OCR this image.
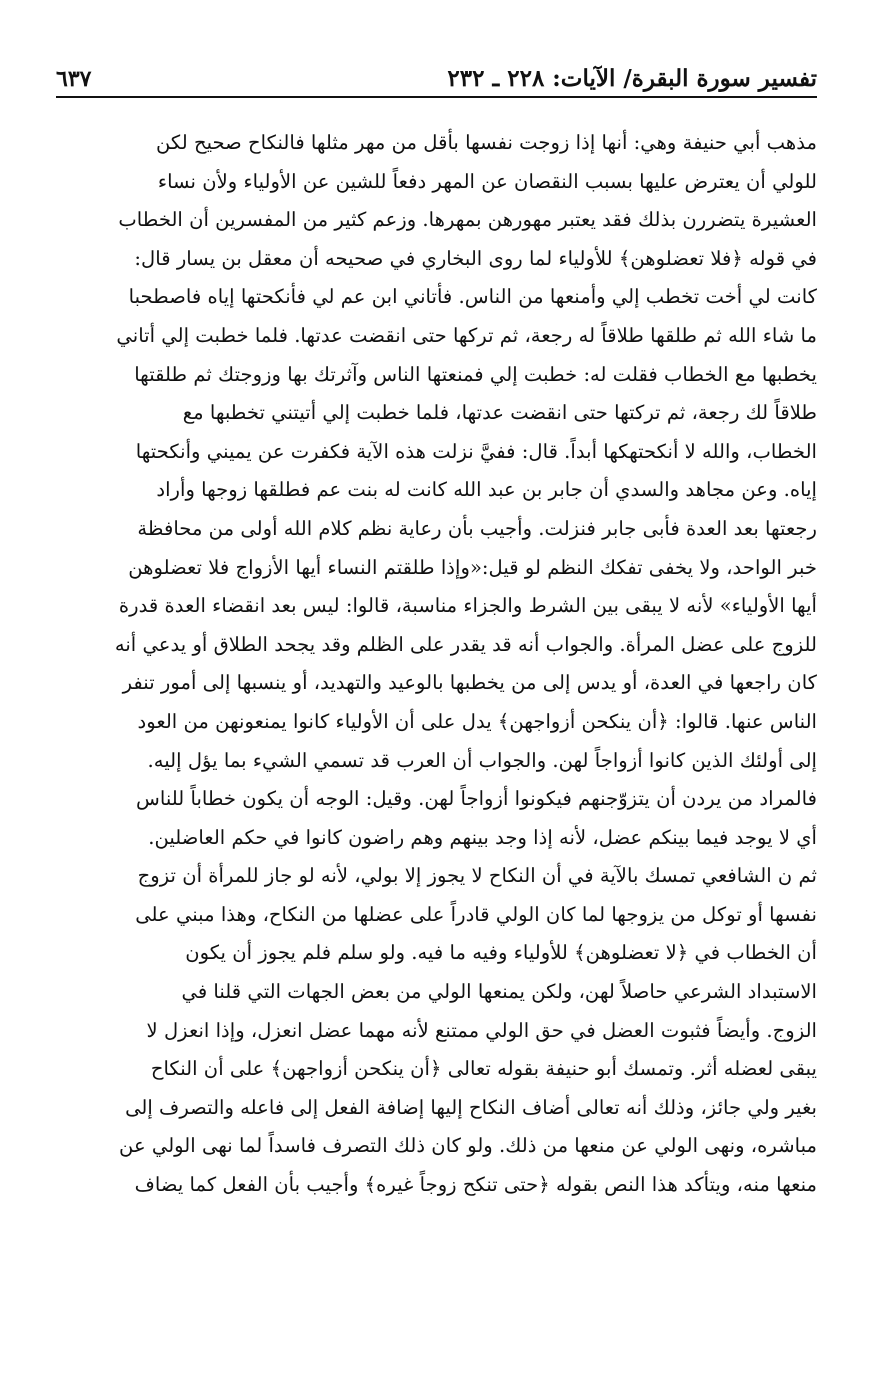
٦٣٧	تفسير سورة البقرة/ الآيات: ٢٢٨ ـ ٢٣٢
مذهب أبي حنيفة وهي: أنها إذا زوجت نفسها بأقل من مهر مثلها فالنكاح صحيح لكن
للولي أن يعترض عليها بسبب النقصان عن المهر دفعاً للشين عن الأولياء ولأن نساء
العشيرة يتضررن بذلك فقد يعتبر مهورهن بمهرها. وزعم كثير من المفسرين أن الخطاب
في قوله ﴿فلا تعضلوهن﴾ للأولياء لما روى البخاري في صحيحه أن معقل بن يسار قال:
كانت لي أخت تخطب إلي وأمنعها من الناس. فأتاني ابن عم لي فأنكحتها إياه فاصطحبا
ما شاء الله ثم طلقها طلاقاً له رجعة، ثم تركها حتى انقضت عدتها. فلما خطبت إلي أتاني
يخطبها مع الخطاب فقلت له: خطبت إلي فمنعتها الناس وآثرتك بها وزوجتك ثم طلقتها
طلاقاً لك رجعة، ثم تركتها حتى انقضت عدتها، فلما خطبت إلي أتيتني تخطبها مع
الخطاب، والله لا أنكحتهكها أبداً. قال: ففيَّ نزلت هذه الآية فكفرت عن يميني وأنكحتها
إياه. وعن مجاهد والسدي أن جابر بن عبد الله كانت له بنت عم فطلقها زوجها وأراد
رجعتها بعد العدة فأبى جابر فنزلت. وأجيب بأن رعاية نظم كلام الله أولى من محافظة
خبر الواحد، ولا يخفى تفكك النظم لو قيل:«وإذا طلقتم النساء أيها الأزواج فلا تعضلوهن
أيها الأولياء» لأنه لا يبقى بين الشرط والجزاء مناسبة، قالوا: ليس بعد انقضاء العدة قدرة
للزوج على عضل المرأة. والجواب أنه قد يقدر على الظلم وقد يجحد الطلاق أو يدعي أنه
كان راجعها في العدة، أو يدس إلى من يخطبها بالوعيد والتهديد، أو ينسبها إلى أمور تنفر
الناس عنها. قالوا: ﴿أن ينكحن أزواجهن﴾ يدل على أن الأولياء كانوا يمنعونهن من العود
إلى أولئك الذين كانوا أزواجاً لهن. والجواب أن العرب قد تسمي الشيء بما يؤل إليه.
فالمراد من يردن أن يتزوّجنهم فيكونوا أزواجاً لهن. وقيل: الوجه أن يكون خطاباً للناس
أي لا يوجد فيما بينكم عضل، لأنه إذا وجد بينهم وهم راضون كانوا في حكم العاضلين.
ثم ن الشافعي تمسك بالآية في أن النكاح لا يجوز إلا بولي، لأنه لو جاز للمرأة أن تزوج
نفسها أو توكل من يزوجها لما كان الولي قادراً على عضلها من النكاح، وهذا مبني على
أن الخطاب في ﴿لا تعضلوهن﴾ للأولياء وفيه ما فيه. ولو سلم فلم يجوز أن يكون
الاستبداد الشرعي حاصلاً لهن، ولكن يمنعها الولي من بعض الجهات التي قلنا في
الزوج. وأيضاً فثبوت العضل في حق الولي ممتنع لأنه مهما عضل انعزل، وإذا انعزل لا
يبقى لعضله أثر. وتمسك أبو حنيفة بقوله تعالى ﴿أن ينكحن أزواجهن﴾ على أن النكاح
بغير ولي جائز، وذلك أنه تعالى أضاف النكاح إليها إضافة الفعل إلى فاعله والتصرف إلى
مباشره، ونهى الولي عن منعها من ذلك. ولو كان ذلك التصرف فاسداً لما نهى الولي عن
منعها منه، ويتأكد هذا النص بقوله ﴿حتى تنكح زوجاً غيره﴾ وأجيب بأن الفعل كما يضاف
